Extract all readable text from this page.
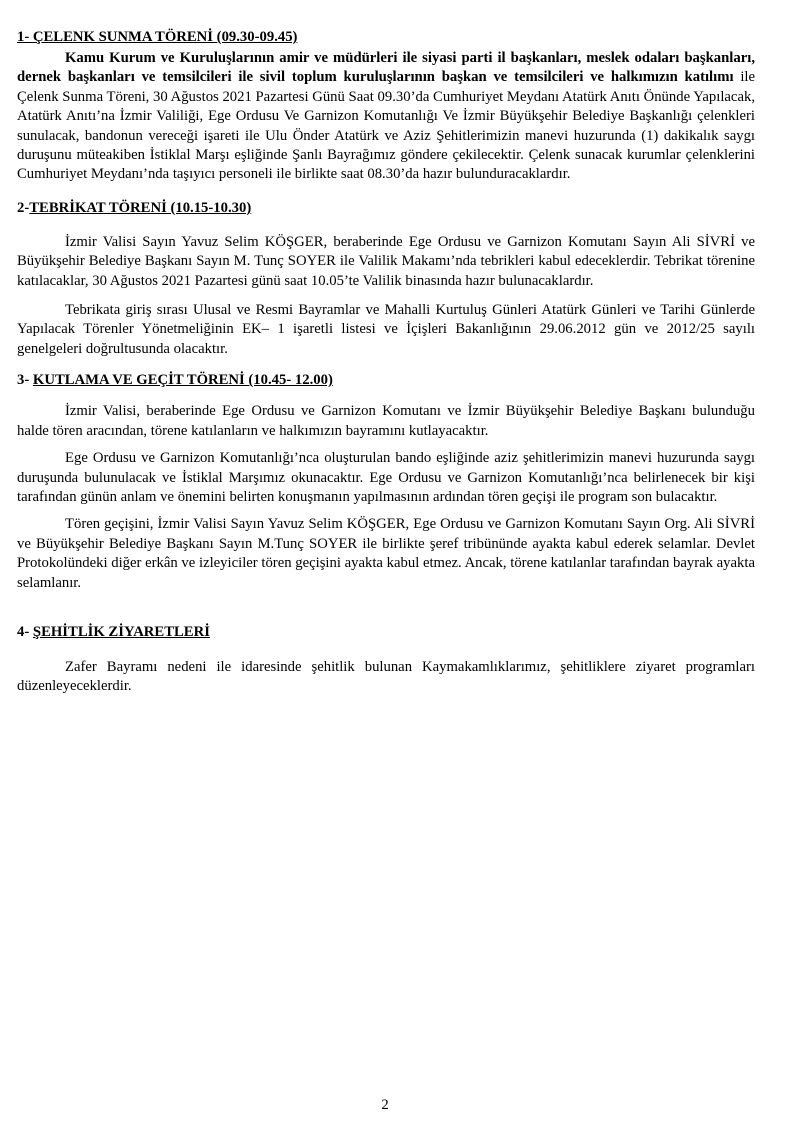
1- ÇELENK SUNMA TÖRENİ (09.30-09.45)

Kamu Kurum ve Kuruluşlarının amir ve müdürleri ile siyasi parti il başkanları, meslek odaları başkanları, dernek başkanları ve temsilcileri ile sivil toplum kuruluşlarının başkan ve temsilcileri ve halkımızın katılımı ile Çelenk Sunma Töreni, 30 Ağustos 2021 Pazartesi Günü Saat 09.30’da Cumhuriyet Meydanı Atatürk Anıtı Önünde Yapılacak, Atatürk Anıtı’na İzmir Valiliği, Ege Ordusu Ve Garnizon Komutanlığı Ve İzmir Büyükşehir Belediye Başkanlığı çelenkleri sunulacak, bandonun vereceği işareti ile Ulu Önder Atatürk ve Aziz Şehitlerimizin manevi huzurunda (1) dakikalık saygı duruşunu müteakiben İstiklal Marşı eşliğinde Şanlı Bayrağımız göndere çekilecektir. Çelenk sunacak kurumlar çelenklerini Cumhuriyet Meydanı’nda taşıyıcı personeli ile birlikte saat 08.30’da hazır bulunduracaklardır.

2-TEBRİKAT TÖRENİ (10.15-10.30)

İzmir Valisi Sayın Yavuz Selim KÖŞGER, beraberinde Ege Ordusu ve Garnizon Komutanı Sayın Ali SİVRİ ve Büyükşehir Belediye Başkanı Sayın M. Tunç SOYER ile Valilik Makamı’nda tebrikleri kabul edeceklerdir. Tebrikat törenine katılacaklar, 30 Ağustos 2021 Pazartesi günü saat 10.05’te Valilik binasında hazır bulunacaklardır.

Tebrikata giriş sırası Ulusal ve Resmi Bayramlar ve Mahalli Kurtuluş Günleri Atatürk Günleri ve Tarihi Günlerde Yapılacak Törenler Yönetmeliğinin EK– 1 işaretli listesi ve İçişleri Bakanlığının 29.06.2012 gün ve 2012/25 sayılı genelgeleri doğrultusunda olacaktır.

3- KUTLAMA VE GEÇİT TÖRENİ (10.45- 12.00)

İzmir Valisi, beraberinde Ege Ordusu ve Garnizon Komutanı ve İzmir Büyükşehir Belediye Başkanı bulunduğu halde tören aracından, törene katılanların ve halkımızın bayramını kutlayacaktır.

Ege Ordusu ve Garnizon Komutanlığı’nca oluşturulan bando eşliğinde aziz şehitlerimizin manevi huzurunda saygı duruşunda bulunulacak ve İstiklal Marşımız okunacaktır. Ege Ordusu ve Garnizon Komutanlığı’nca belirlenecek bir kişi tarafından günün anlam ve önemini belirten konuşmanın yapılmasının ardından tören geçişi ile program son bulacaktır.

Tören geçişini, İzmir Valisi Sayın Yavuz Selim KÖŞGER, Ege Ordusu ve Garnizon Komutanı Sayın Org. Ali SİVRİ ve Büyükşehir Belediye Başkanı Sayın M.Tunç SOYER ile birlikte şeref tribününde ayakta kabul ederek selamlar. Devlet Protokolündeki diğer erkân ve izleyiciler tören geçişini ayakta kabul etmez. Ancak, törene katılanlar tarafından bayrak ayakta selamlanır.

4- ŞEHİTLİK ZİYARETLERİ

Zafer Bayramı nedeni ile idaresinde şehitlik bulunan Kaymakamlıklarımız, şehitliklere ziyaret programları düzenleyeceklerdir.

2
